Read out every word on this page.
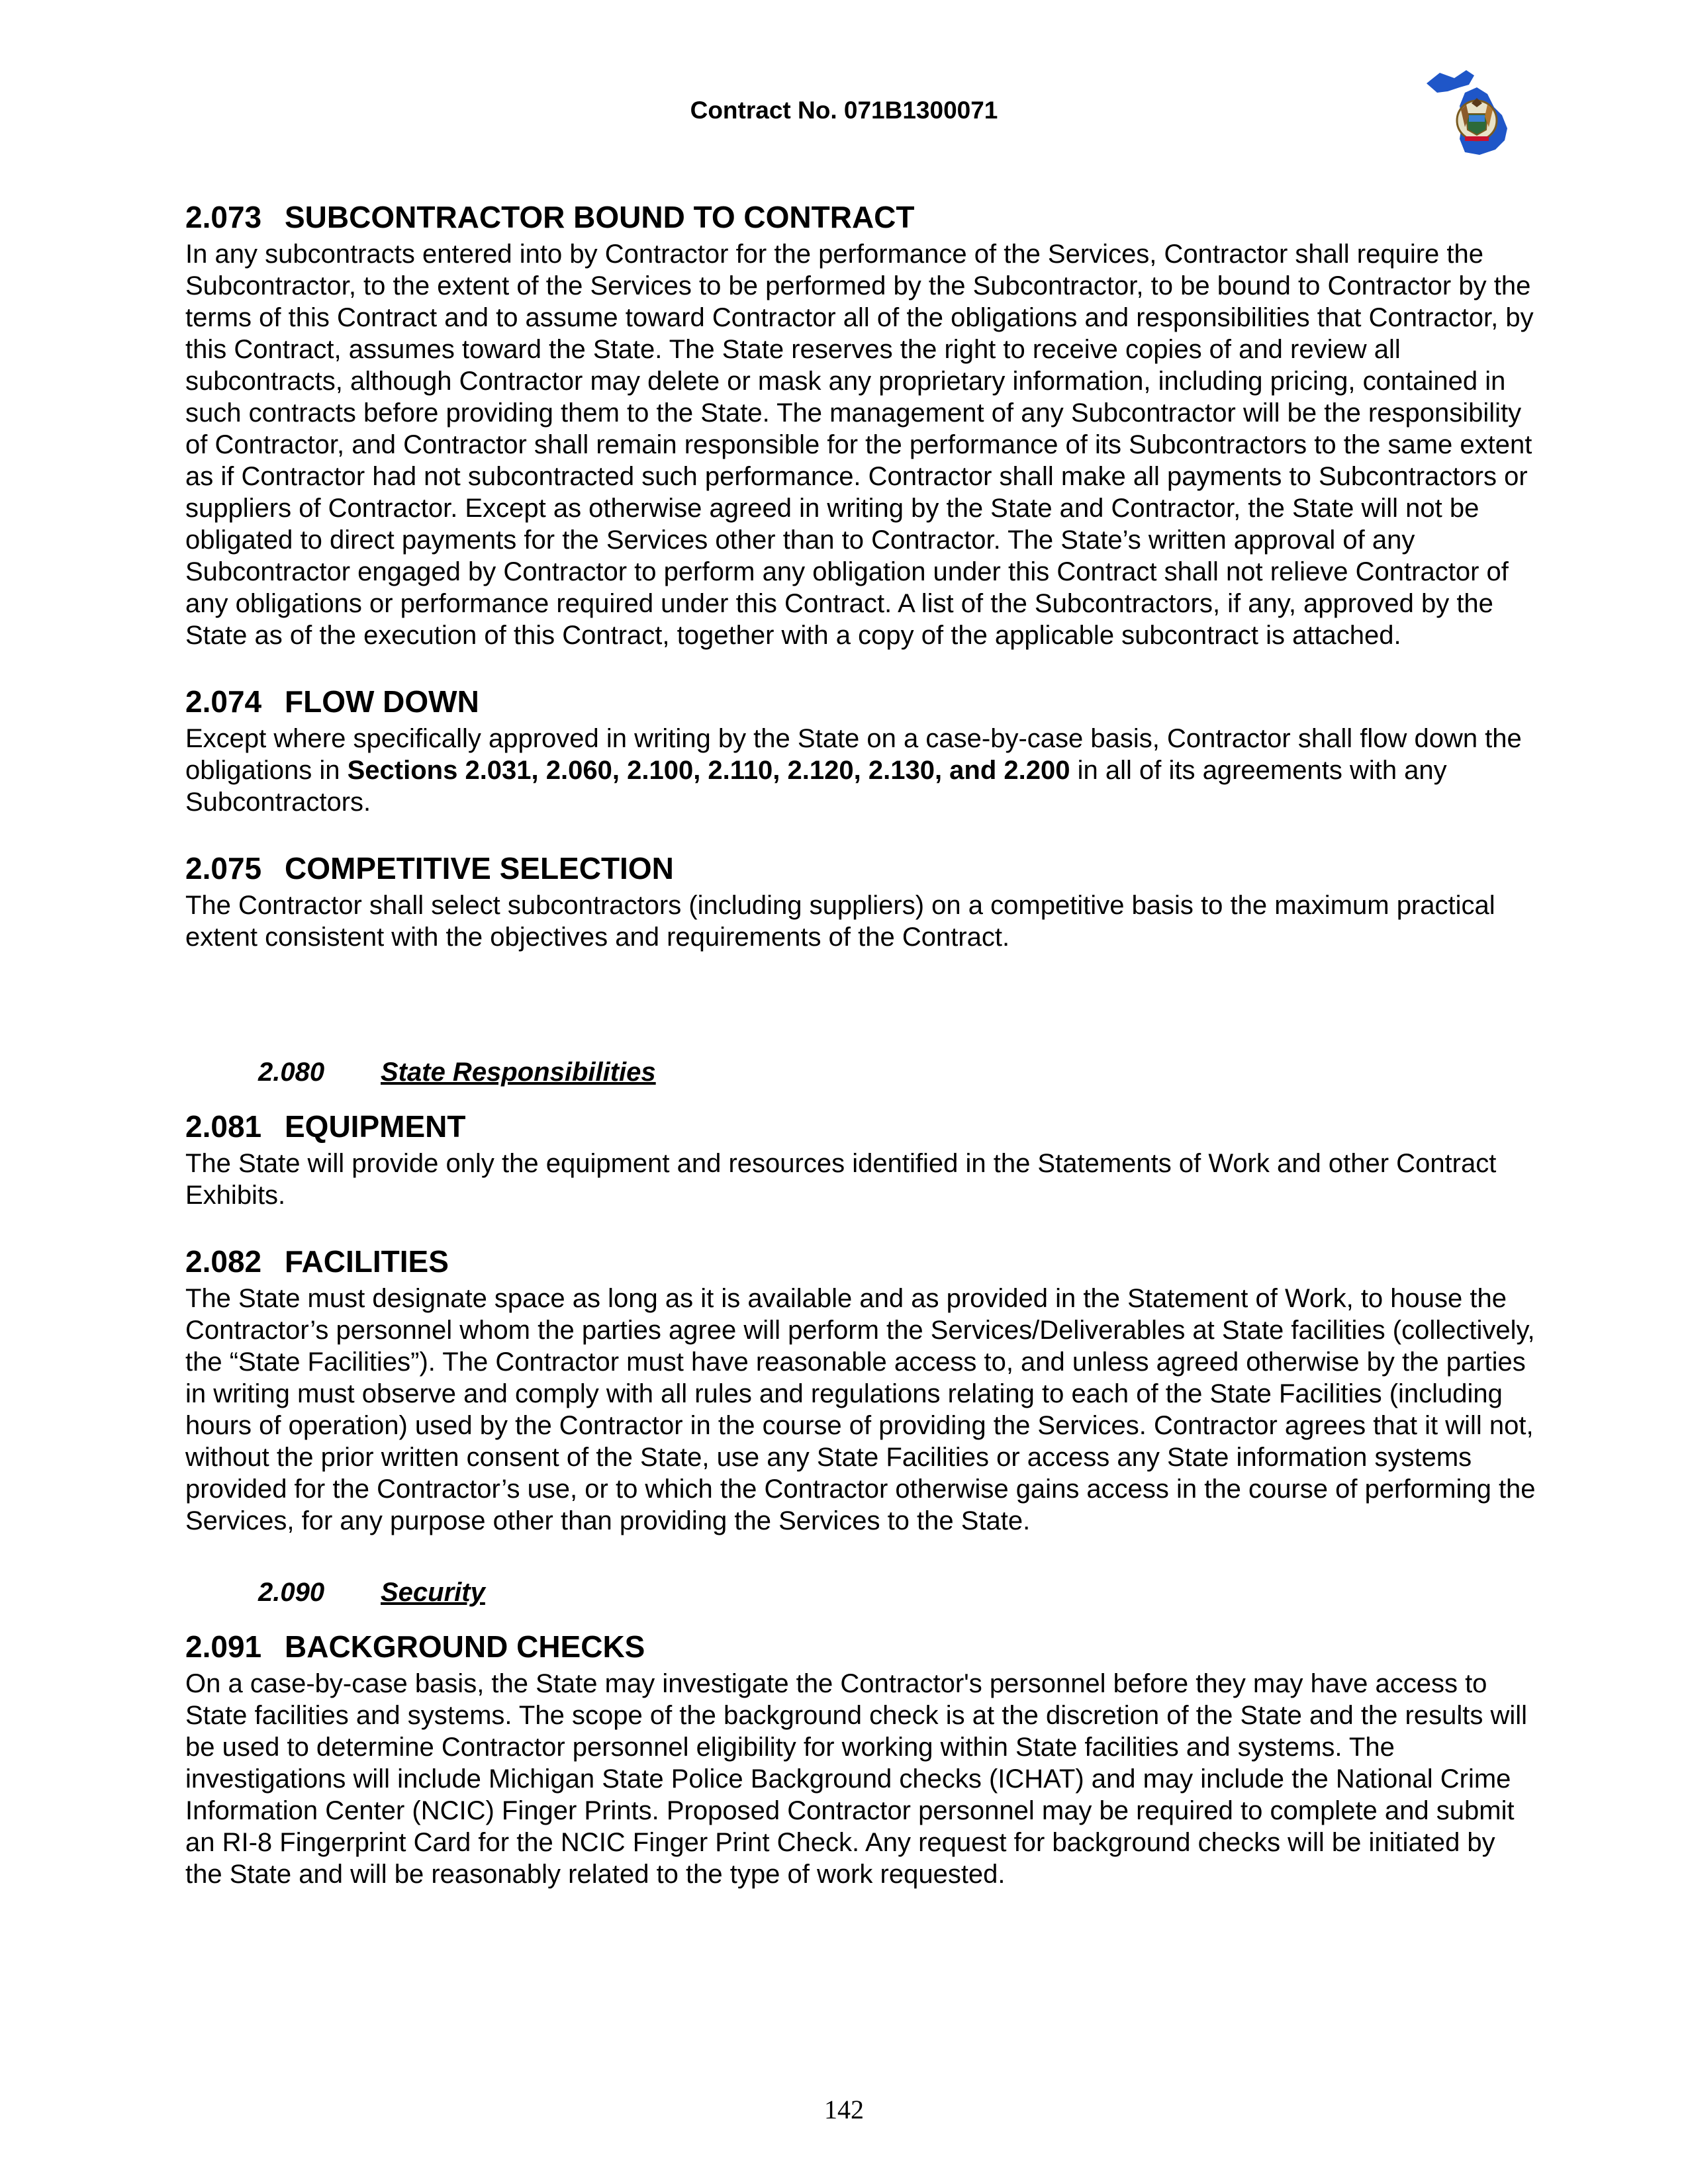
Contract No. 071B1300071
2.073 SUBCONTRACTOR BOUND TO CONTRACT

In any subcontracts entered into by Contractor for the performance of the Services, Contractor shall require the Subcontractor, to the extent of the Services to be performed by the Subcontractor, to be bound to Contractor by the terms of this Contract and to assume toward Contractor all of the obligations and responsibilities that Contractor, by this Contract, assumes toward the State. The State reserves the right to receive copies of and review all subcontracts, although Contractor may delete or mask any proprietary information, including pricing, contained in such contracts before providing them to the State. The management of any Subcontractor will be the responsibility of Contractor, and Contractor shall remain responsible for the performance of its Subcontractors to the same extent as if Contractor had not subcontracted such performance. Contractor shall make all payments to Subcontractors or suppliers of Contractor. Except as otherwise agreed in writing by the State and Contractor, the State will not be obligated to direct payments for the Services other than to Contractor. The State’s written approval of any Subcontractor engaged by Contractor to perform any obligation under this Contract shall not relieve Contractor of any obligations or performance required under this Contract. A list of the Subcontractors, if any, approved by the State as of the execution of this Contract, together with a copy of the applicable subcontract is attached.

2.074 FLOW DOWN

Except where specifically approved in writing by the State on a case-by-case basis, Contractor shall flow down the obligations in Sections 2.031, 2.060, 2.100, 2.110, 2.120, 2.130, and 2.200 in all of its agreements with any Subcontractors.

2.075 COMPETITIVE SELECTION

The Contractor shall select subcontractors (including suppliers) on a competitive basis to the maximum practical extent consistent with the objectives and requirements of the Contract.

2.080 State Responsibilities
2.081 EQUIPMENT

The State will provide only the equipment and resources identified in the Statements of Work and other Contract Exhibits.

2.082 FACILITIES

The State must designate space as long as it is available and as provided in the Statement of Work, to house the Contractor’s personnel whom the parties agree will perform the Services/Deliverables at State facilities (collectively, the “State Facilities”). The Contractor must have reasonable access to, and unless agreed otherwise by the parties in writing must observe and comply with all rules and regulations relating to each of the State Facilities (including hours of operation) used by the Contractor in the course of providing the Services. Contractor agrees that it will not, without the prior written consent of the State, use any State Facilities or access any State information systems provided for the Contractor’s use, or to which the Contractor otherwise gains access in the course of performing the Services, for any purpose other than providing the Services to the State.

2.090 Security
2.091 BACKGROUND CHECKS

On a case-by-case basis, the State may investigate the Contractor's personnel before they may have access to State facilities and systems. The scope of the background check is at the discretion of the State and the results will be used to determine Contractor personnel eligibility for working within State facilities and systems. The investigations will include Michigan State Police Background checks (ICHAT) and may include the National Crime Information Center (NCIC) Finger Prints. Proposed Contractor personnel may be required to complete and submit an RI-8 Fingerprint Card for the NCIC Finger Print Check. Any request for background checks will be initiated by the State and will be reasonably related to the type of work requested.

142
